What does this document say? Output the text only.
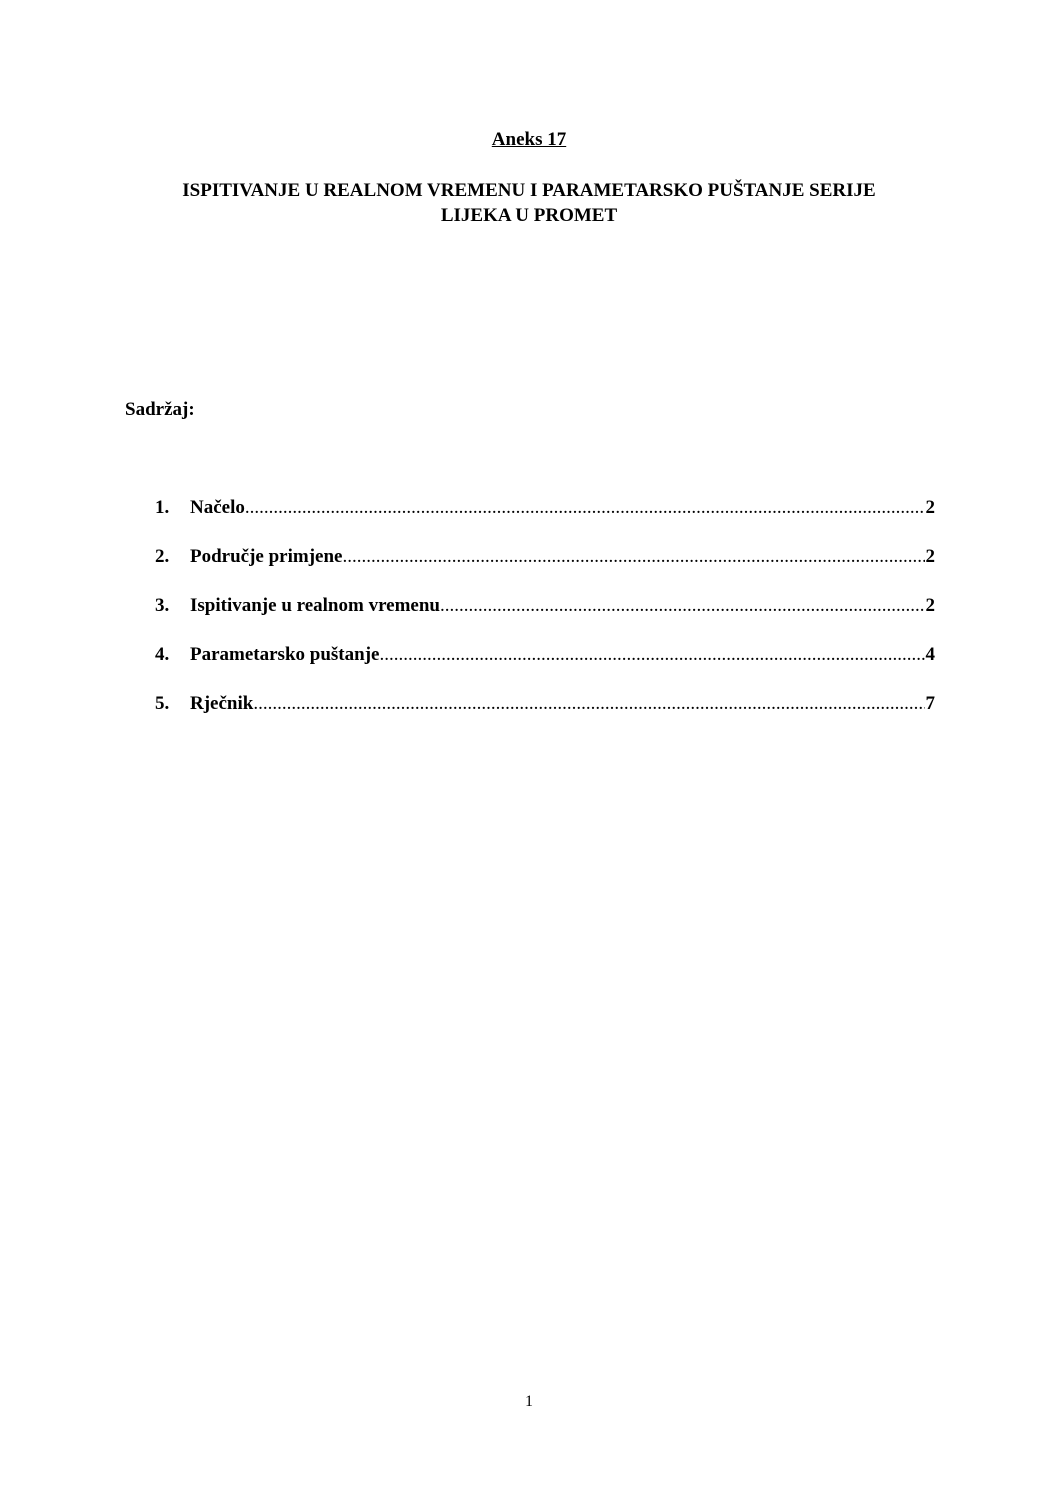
Aneks 17
ISPITIVANJE U REALNOM VREMENU I PARAMETARSKO PUŠTANJE SERIJE
LIJEKA U PROMET
Sadržaj:
1.	Načelo .....	2
2.	Područje primjene .....	2
3.	Ispitivanje u realnom vremenu .....	2
4.	Parametarsko puštanje .....	4
5.	Rječnik .....	7
1
